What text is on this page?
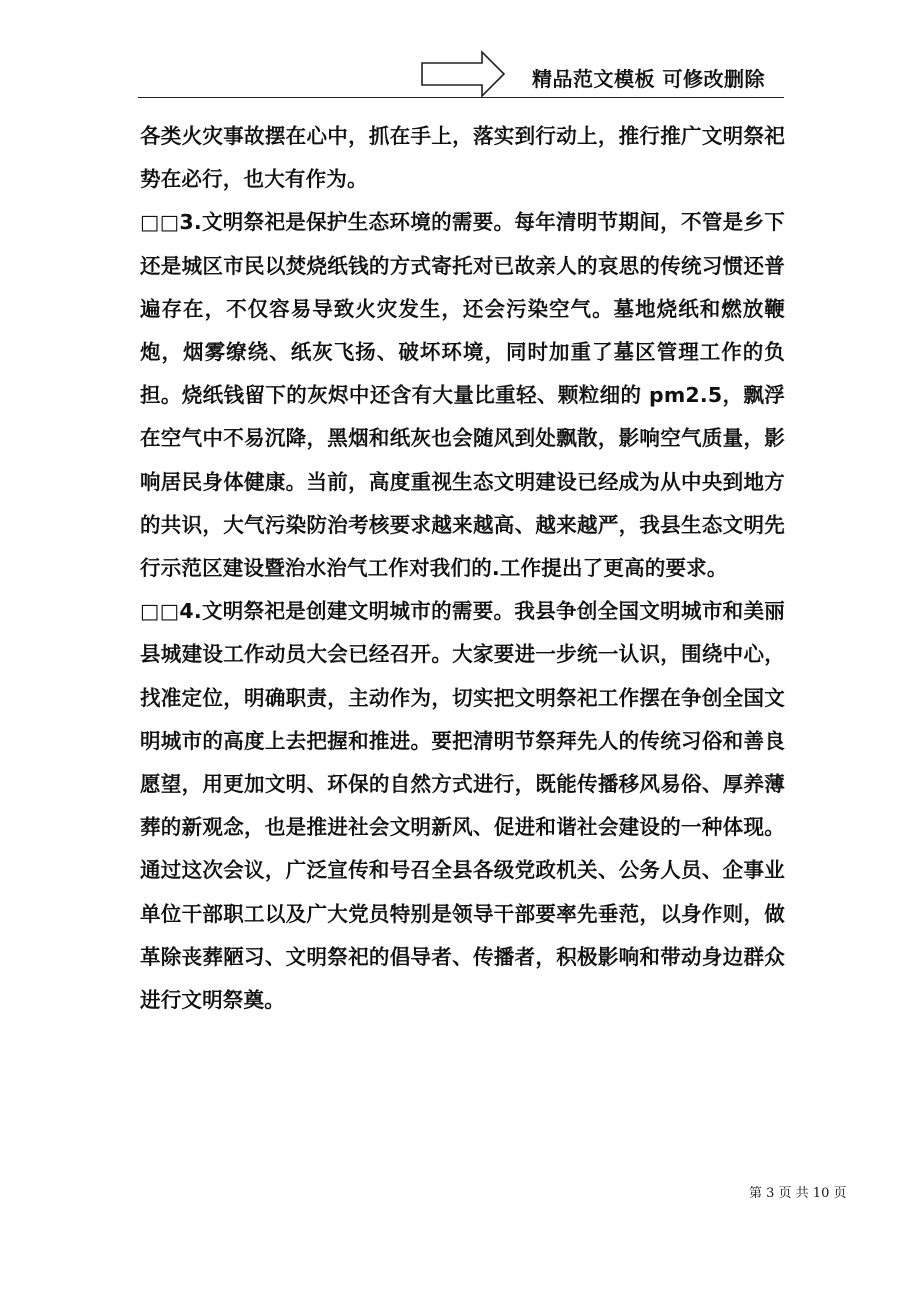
精品范文模板 可修改删除

各类火灾事故摆在心中，抓在手上，落实到行动上，推行推广文明祭祀势在必行，也大有作为。

□□3.文明祭祀是保护生态环境的需要。每年清明节期间，不管是乡下还是城区市民以焚烧纸钱的方式寄托对已故亲人的哀思的传统习惯还普遍存在，不仅容易导致火灾发生，还会污染空气。墓地烧纸和燃放鞭炮，烟雾缭绕、纸灰飞扬、破坏环境，同时加重了墓区管理工作的负担。烧纸钱留下的灰烬中还含有大量比重轻、颗粒细的 pm2.5，飘浮在空气中不易沉降，黑烟和纸灰也会随风到处飘散，影响空气质量，影响居民身体健康。当前，高度重视生态文明建设已经成为从中央到地方的共识，大气污染防治考核要求越来越高、越来越严，我县生态文明先行示范区建设暨治水治气工作对我们的.工作提出了更高的要求。

□□4.文明祭祀是创建文明城市的需要。我县争创全国文明城市和美丽县城建设工作动员大会已经召开。大家要进一步统一认识，围绕中心，找准定位，明确职责，主动作为，切实把文明祭祀工作摆在争创全国文明城市的高度上去把握和推进。要把清明节祭拜先人的传统习俗和善良愿望，用更加文明、环保的自然方式进行，既能传播移风易俗、厚养薄葬的新观念，也是推进社会文明新风、促进和谐社会建设的一种体现。通过这次会议，广泛宣传和号召全县各级党政机关、公务人员、企事业单位干部职工以及广大党员特别是领导干部要率先垂范，以身作则，做革除丧葬陋习、文明祭祀的倡导者、传播者，积极影响和带动身边群众进行文明祭奠。

第 3 页 共 10 页
